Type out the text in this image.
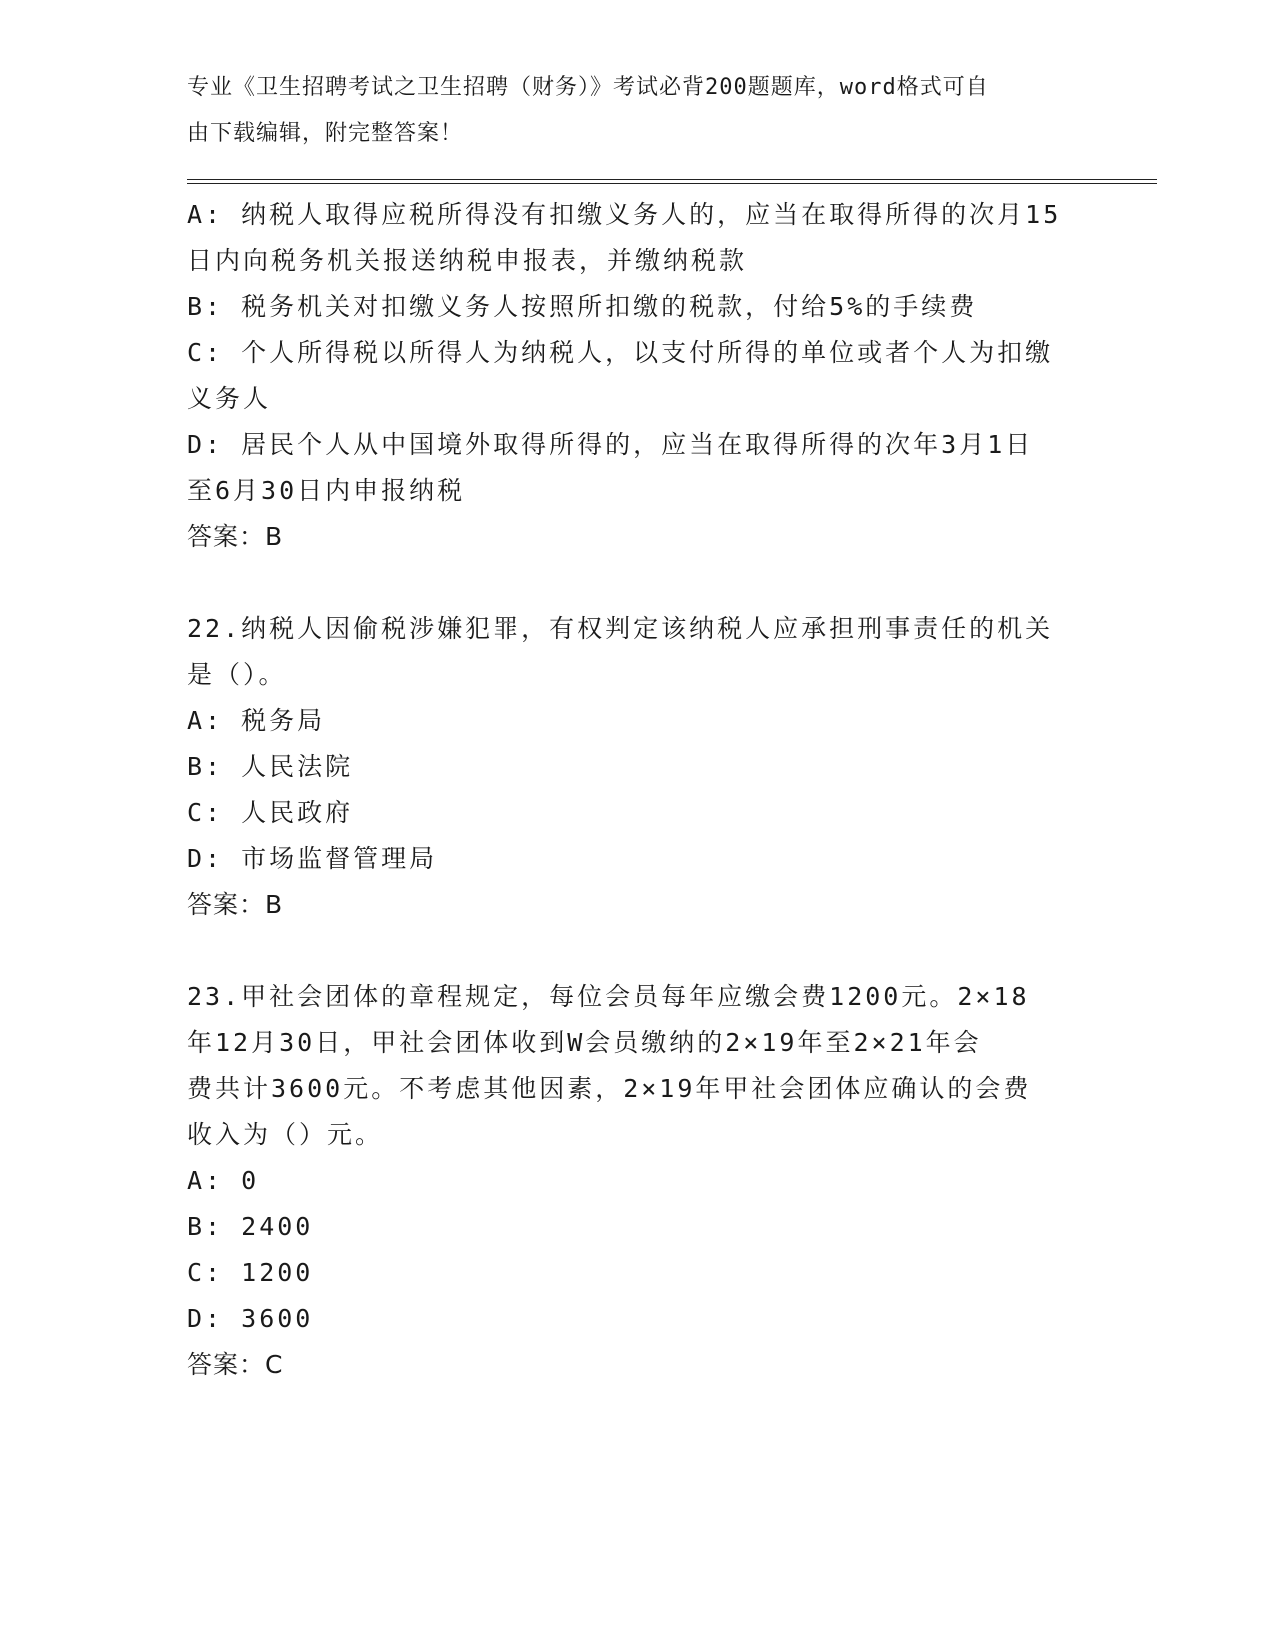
专业《卫生招聘考试之卫生招聘（财务）》考试必背200题题库，word格式可自
由下载编辑，附完整答案！
A: 纳税人取得应税所得没有扣缴义务人的，应当在取得所得的次月15
日内向税务机关报送纳税申报表，并缴纳税款
B: 税务机关对扣缴义务人按照所扣缴的税款，付给5%的手续费
C: 个人所得税以所得人为纳税人，以支付所得的单位或者个人为扣缴
义务人
D: 居民个人从中国境外取得所得的，应当在取得所得的次年3月1日
至6月30日内申报纳税
答案：B
22.纳税人因偷税涉嫌犯罪，有权判定该纳税人应承担刑事责任的机关
是（）。
A: 税务局
B: 人民法院
C: 人民政府
D: 市场监督管理局
答案：B
23.甲社会团体的章程规定，每位会员每年应缴会费1200元。2×18
年12月30日，甲社会团体收到W会员缴纳的2×19年至2×21年会
费共计3600元。不考虑其他因素，2×19年甲社会团体应确认的会费
收入为（）元。
A: 0
B: 2400
C: 1200
D: 3600
答案：C
